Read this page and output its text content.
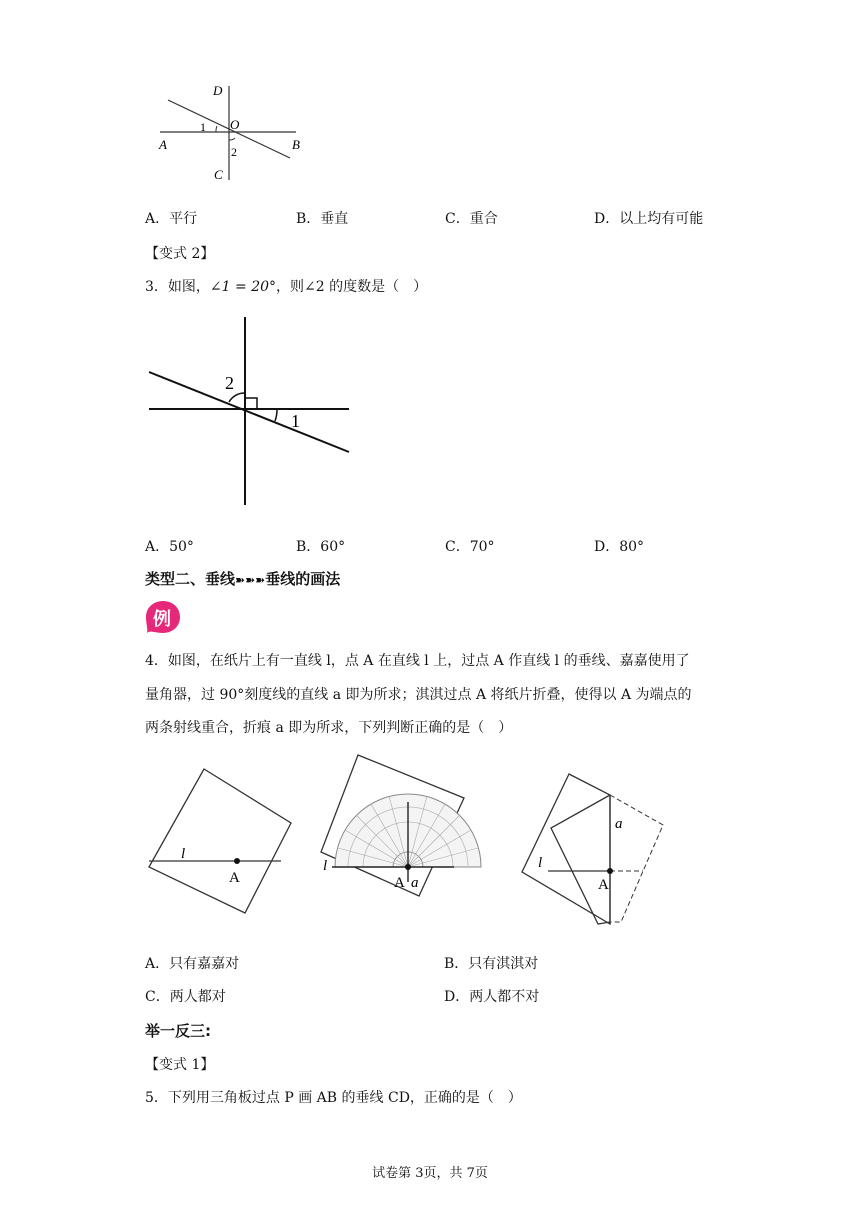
D
O
1
A	B
2
C
A．平行	B．垂直	C．重合	D．以上均有可能
【变式 2】
3．如图，∠1 = 20°，则∠2 的度数是（　）
2
1
A．50°	B．60°	C．70°	D．80°
类型二、垂线➽➽➽垂线的画法
例
4．如图，在纸片上有一直线 l，点 A 在直线 l 上，过点 A 作直线 l 的垂线、嘉嘉使用了
量角器，过 90°刻度线的直线 a 即为所求；淇淇过点 A 将纸片折叠，使得以 A 为端点的
两条射线重合，折痕 a 即为所求，下列判断正确的是（　）
l
A
l
A a
l
A
a
A．只有嘉嘉对	B．只有淇淇对
C．两人都对	D．两人都不对
举一反三:
【变式 1】
5．下列用三角板过点 P 画 AB 的垂线 CD，正确的是（　）
试卷第 3页，共 7页
